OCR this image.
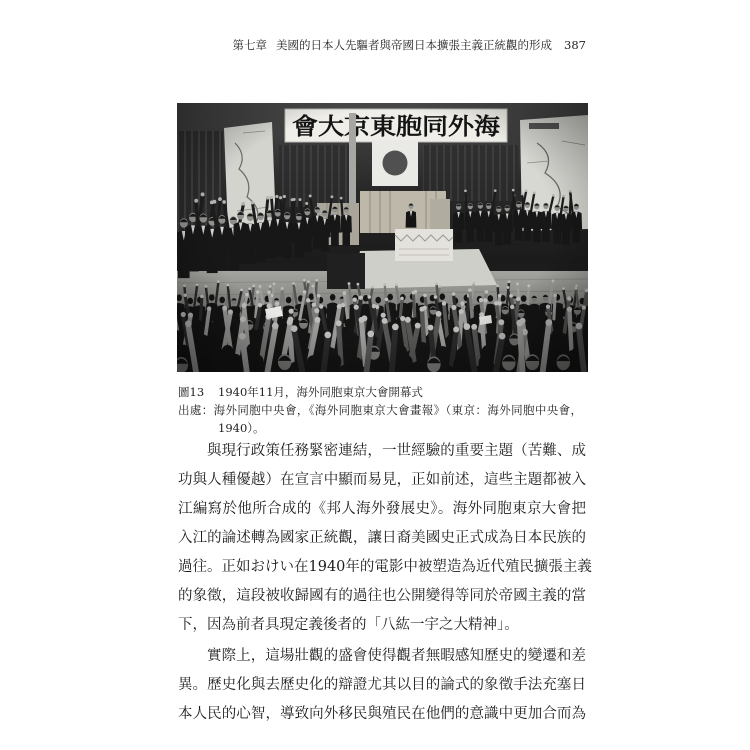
第七章 美國的日本人先驅者與帝國日本擴張主義正統觀的形成 387
圖13 1940年11月，海外同胞東京大會開幕式
出處：海外同胞中央會，《海外同胞東京大會畫報》（東京：海外同胞中央會，
1940）。
與現行政策任務緊密連結，一世經驗的重要主題（苦難、成
功與人種優越）在宣言中顯而易見，正如前述，這些主題都被入
江編寫於他所合成的《邦人海外發展史》。海外同胞東京大會把
入江的論述轉為國家正統觀，讓日裔美國史正式成為日本民族的
過往。正如おけい在1940年的電影中被塑造為近代殖民擴張主義
的象徵，這段被收歸國有的過往也公開變得等同於帝國主義的當
下，因為前者具現定義後者的「八紘一宇之大精神」。
實際上，這場壯觀的盛會使得觀者無暇感知歷史的變遷和差
異。歷史化與去歷史化的辯證尤其以目的論式的象徵手法充塞日
本人民的心智，導致向外移民與殖民在他們的意識中更加合而為
